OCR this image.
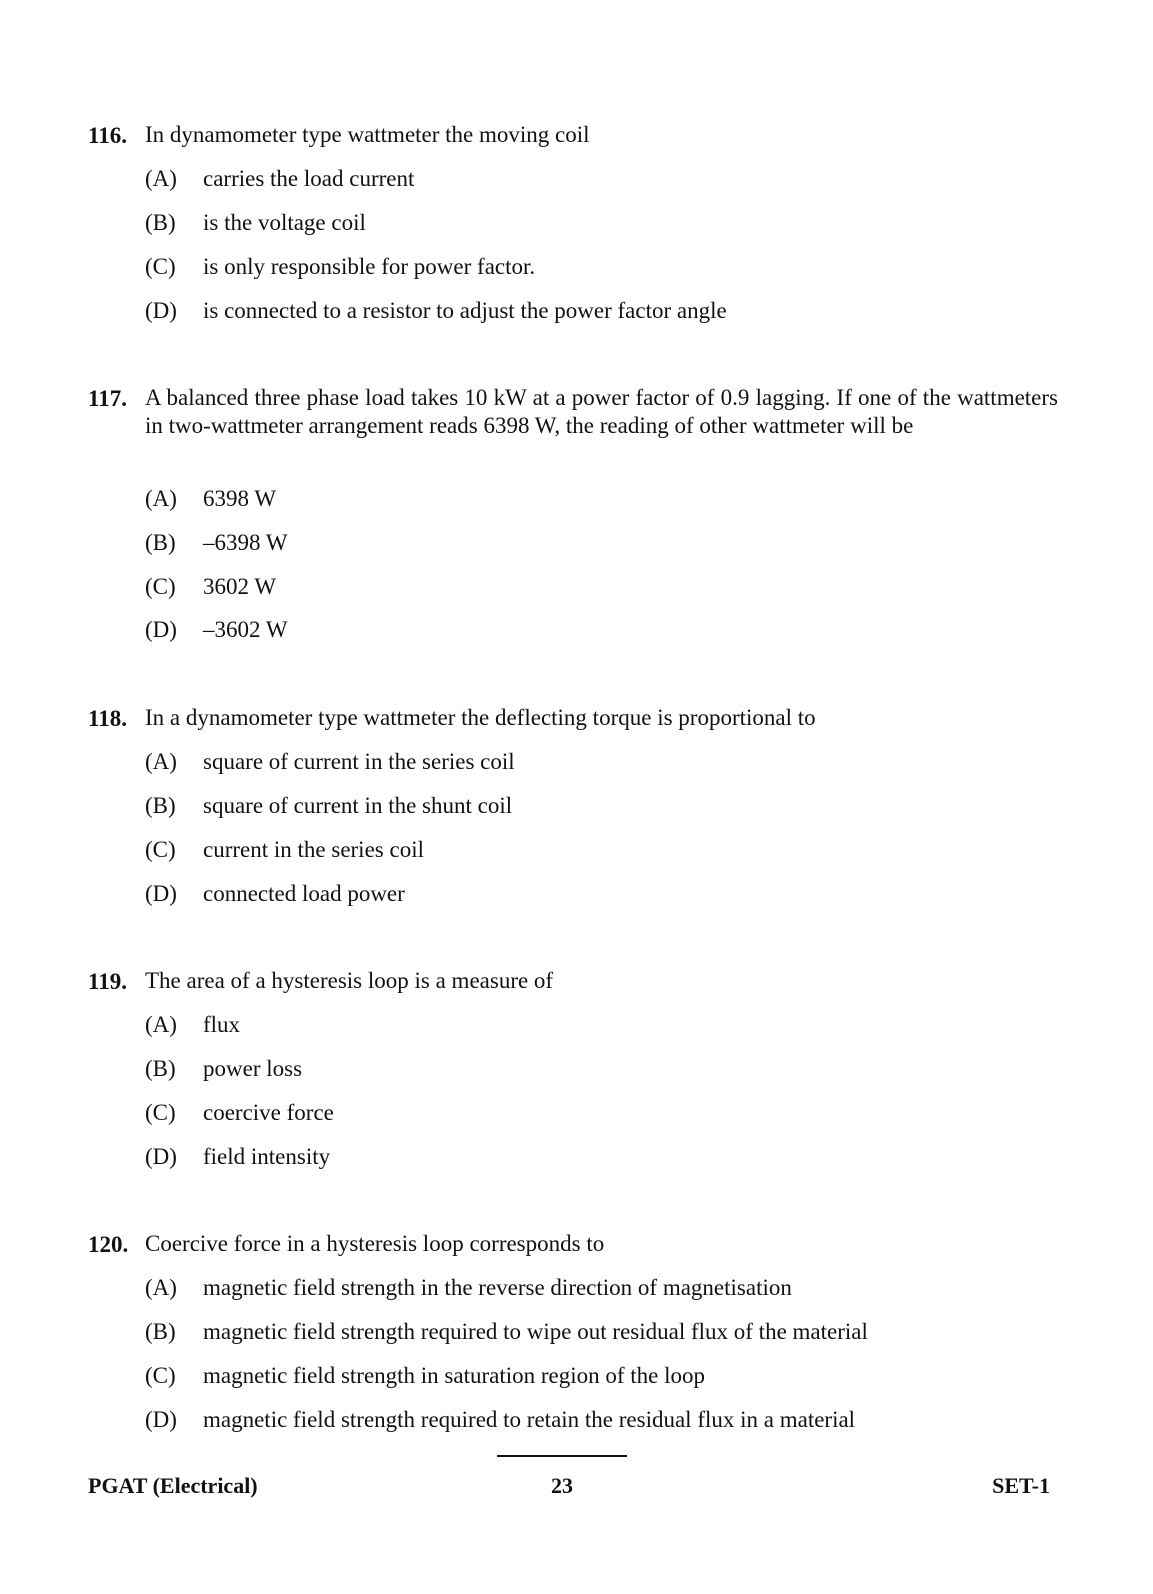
116. In dynamometer type wattmeter the moving coil
(A) carries the load current
(B) is the voltage coil
(C) is only responsible for power factor.
(D) is connected to a resistor to adjust the power factor angle
117. A balanced three phase load takes 10 kW at a power factor of 0.9 lagging. If one of the wattmeters in two-wattmeter arrangement reads 6398 W, the reading of other wattmeter will be
(A) 6398 W
(B) –6398 W
(C) 3602 W
(D) –3602 W
118. In a dynamometer type wattmeter the deflecting torque is proportional to
(A) square of current in the series coil
(B) square of current in the shunt coil
(C) current in the series coil
(D) connected load power
119. The area of a hysteresis loop is a measure of
(A) flux
(B) power loss
(C) coercive force
(D) field intensity
120. Coercive force in a hysteresis loop corresponds to
(A) magnetic field strength in the reverse direction of magnetisation
(B) magnetic field strength required to wipe out residual flux of the material
(C) magnetic field strength in saturation region of the loop
(D) magnetic field strength required to retain the residual flux in a material
PGAT (Electrical)	23	SET-1
